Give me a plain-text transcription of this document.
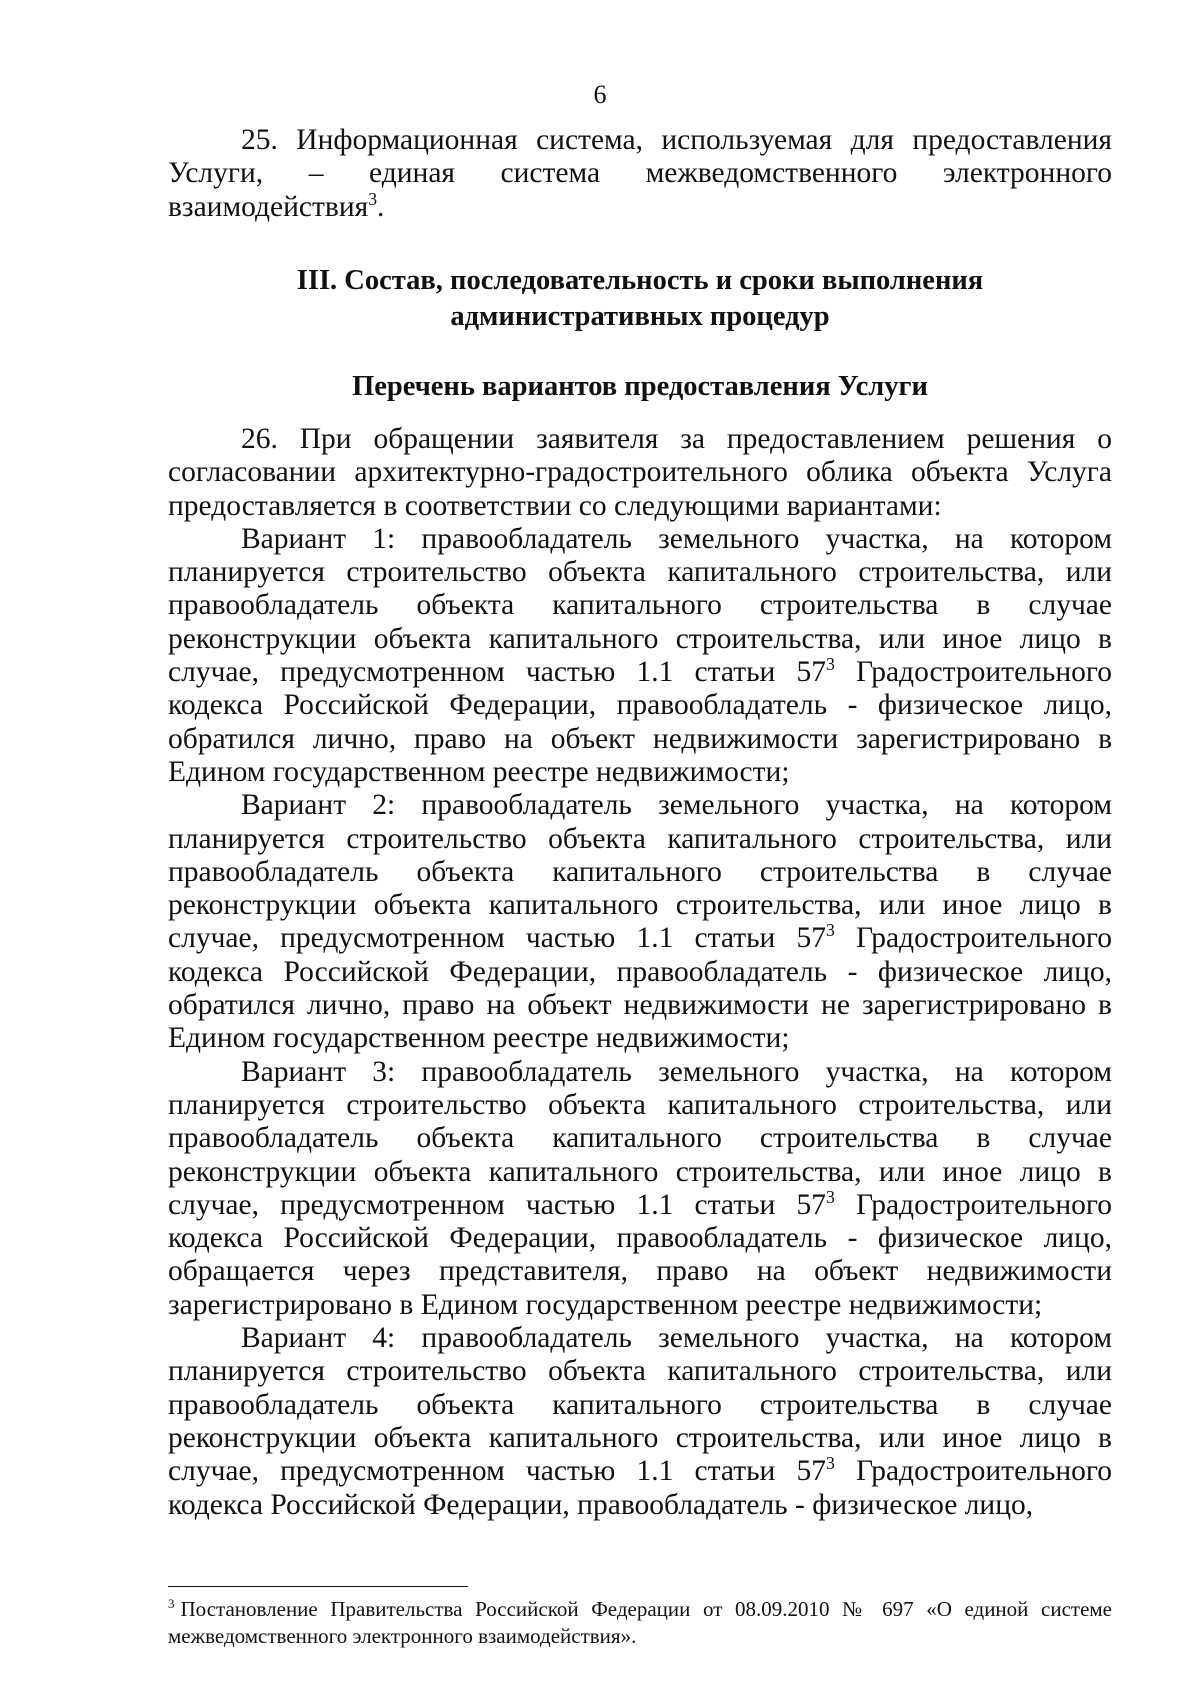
6

25. Информационная система, используемая для предоставления Услуги, – единая система межведомственного электронного взаимодействия$^3$.

III. Состав, последовательность и сроки выполнения
административных процедур
Перечень вариантов предоставления Услуги

26. При обращении заявителя за предоставлением решения о согласовании архитектурно-градостроительного облика объекта Услуга предоставляется в соответствии со следующими вариантами:

Вариант 1: правообладатель земельного участка, на котором планируется строительство объекта капитального строительства, или правообладатель объекта капитального строительства в случае реконструкции объекта капитального строительства, или иное лицо в случае, предусмотренном частью 1.1 статьи $57^3$ Градостроительного кодекса Российской Федерации, правообладатель - физическое лицо, обратился лично, право на объект недвижимости зарегистрировано в Едином государственном реестре недвижимости;

Вариант 2: правообладатель земельного участка, на котором планируется строительство объекта капитального строительства, или правообладатель объекта капитального строительства в случае реконструкции объекта капитального строительства, или иное лицо в случае, предусмотренном частью 1.1 статьи $57^3$ Градостроительного кодекса Российской Федерации, правообладатель - физическое лицо, обратился лично, право на объект недвижимости не зарегистрировано в Едином государственном реестре недвижимости;

Вариант 3: правообладатель земельного участка, на котором планируется строительство объекта капитального строительства, или правообладатель объекта капитального строительства в случае реконструкции объекта капитального строительства, или иное лицо в случае, предусмотренном частью 1.1 статьи $57^3$ Градостроительного кодекса Российской Федерации, правообладатель - физическое лицо, обращается через представителя, право на объект недвижимости зарегистрировано в Едином государственном реестре недвижимости;

Вариант 4: правообладатель земельного участка, на котором планируется строительство объекта капитального строительства, или правообладатель объекта капитального строительства в случае реконструкции объекта капитального строительства, или иное лицо в случае, предусмотренном частью 1.1 статьи $57^3$ Градостроительного кодекса Российской Федерации, правообладатель - физическое лицо,

$^3$ Постановление Правительства Российской Федерации от 08.09.2010 № 697 «О единой системе межведомственного электронного взаимодействия».
